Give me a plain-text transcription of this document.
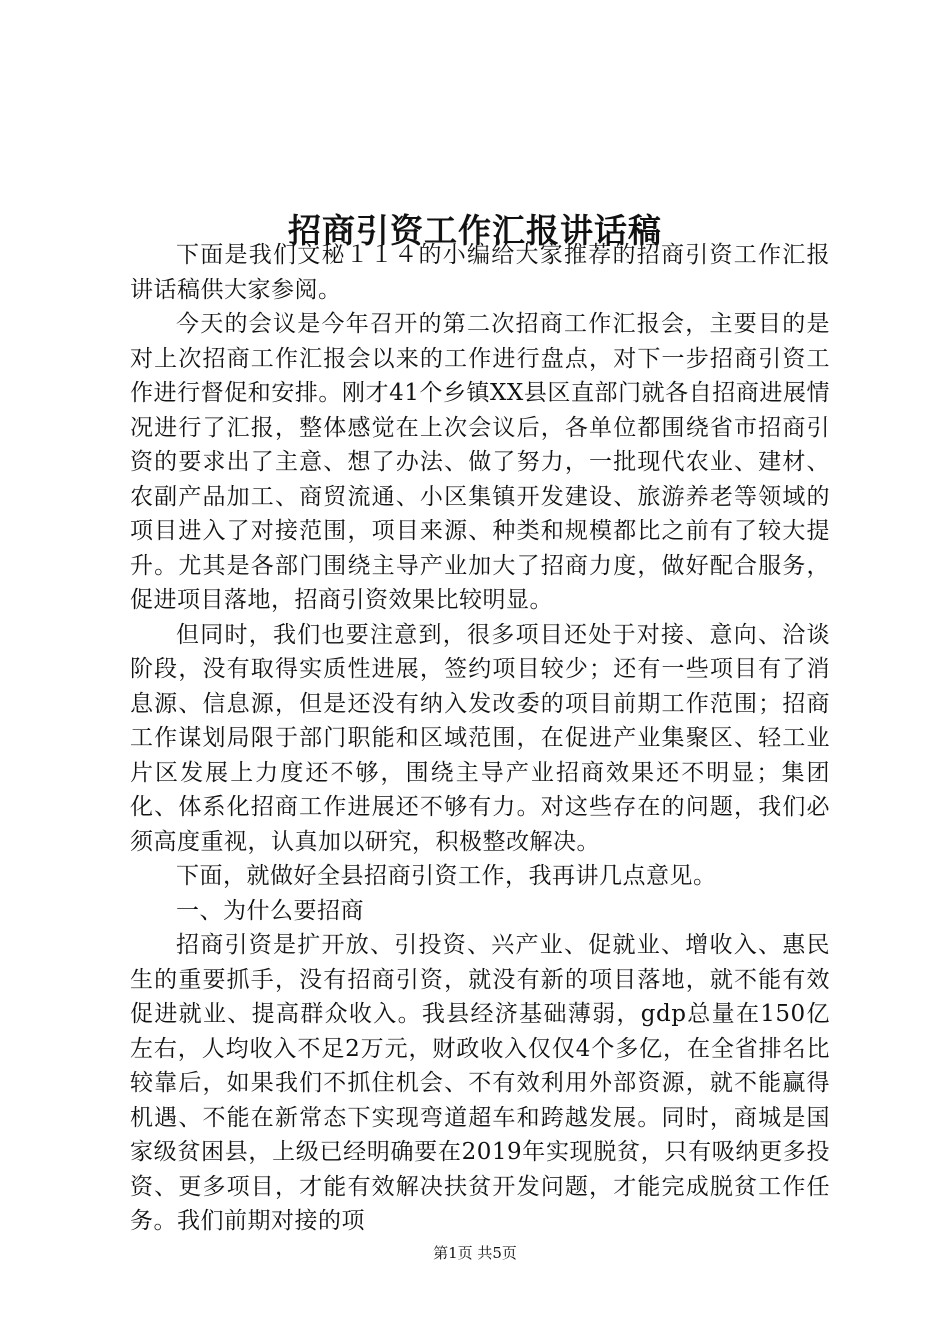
招商引资工作汇报讲话稿

下面是我们文秘１１４的小编给大家推荐的招商引资工作汇报讲话稿供大家参阅。

今天的会议是今年召开的第二次招商工作汇报会，主要目的是对上次招商工作汇报会以来的工作进行盘点，对下一步招商引资工作进行督促和安排。刚才41个乡镇XX县区直部门就各自招商进展情况进行了汇报，整体感觉在上次会议后，各单位都围绕省市招商引资的要求出了主意、想了办法、做了努力，一批现代农业、建材、农副产品加工、商贸流通、小区集镇开发建设、旅游养老等领域的项目进入了对接范围，项目来源、种类和规模都比之前有了较大提升。尤其是各部门围绕主导产业加大了招商力度，做好配合服务，促进项目落地，招商引资效果比较明显。

但同时，我们也要注意到，很多项目还处于对接、意向、洽谈阶段，没有取得实质性进展，签约项目较少；还有一些项目有了消息源、信息源，但是还没有纳入发改委的项目前期工作范围；招商工作谋划局限于部门职能和区域范围，在促进产业集聚区、轻工业片区发展上力度还不够，围绕主导产业招商效果还不明显；集团化、体系化招商工作进展还不够有力。对这些存在的问题，我们必须高度重视，认真加以研究，积极整改解决。

下面，就做好全县招商引资工作，我再讲几点意见。

一、为什么要招商

招商引资是扩开放、引投资、兴产业、促就业、增收入、惠民生的重要抓手，没有招商引资，就没有新的项目落地，就不能有效促进就业、提高群众收入。我县经济基础薄弱，gdp总量在150亿左右，人均收入不足2万元，财政收入仅仅4个多亿，在全省排名比较靠后，如果我们不抓住机会、不有效利用外部资源，就不能赢得机遇、不能在新常态下实现弯道超车和跨越发展。同时，商城是国家级贫困县，上级已经明确要在2019年实现脱贫，只有吸纳更多投资、更多项目，才能有效解决扶贫开发问题，才能完成脱贫工作任务。我们前期对接的项

第1页 共5页
